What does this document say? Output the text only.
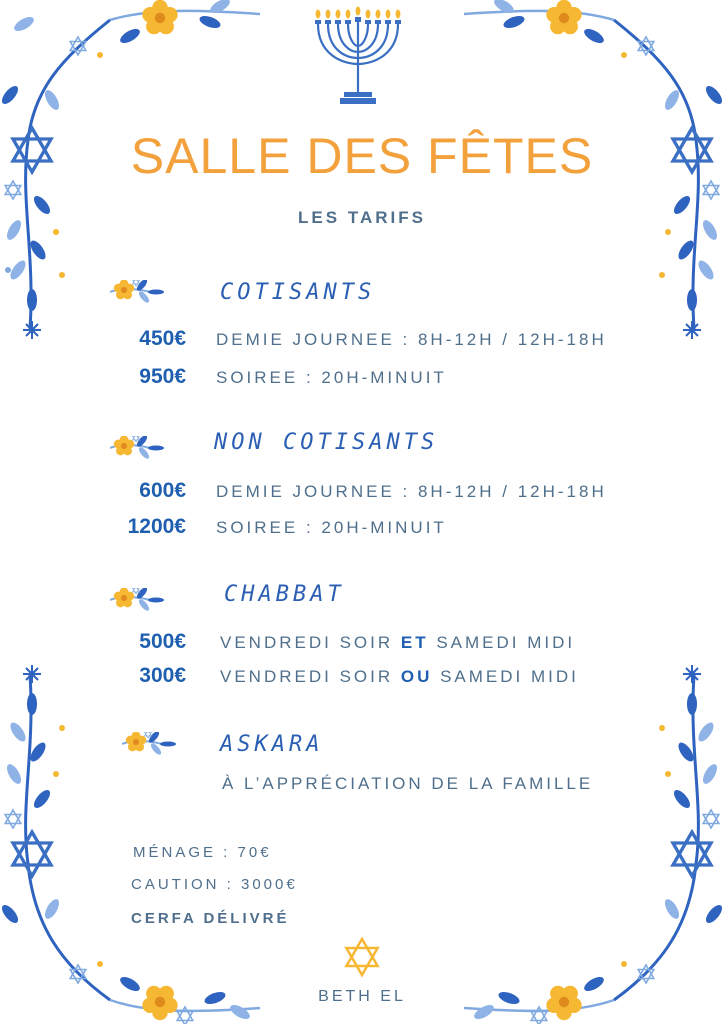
SALLE DES FÊTES
LES TARIFS
COTISANTS
450€ DEMIE JOURNEE : 8H-12H / 12H-18H
950€ SOIREE : 20H-MINUIT
NON COTISANTS
600€ DEMIE JOURNEE : 8H-12H / 12H-18H
1200€ SOIREE : 20H-MINUIT
CHABBAT
500€ VENDREDI SOIR ET SAMEDI MIDI
300€ VENDREDI SOIR OU SAMEDI MIDI
ASKARA
À L’APPRÉCIATION DE LA FAMILLE
MÉNAGE : 70€
CAUTION : 3000€
CERFA DÉLIVRÉ
BETH EL
